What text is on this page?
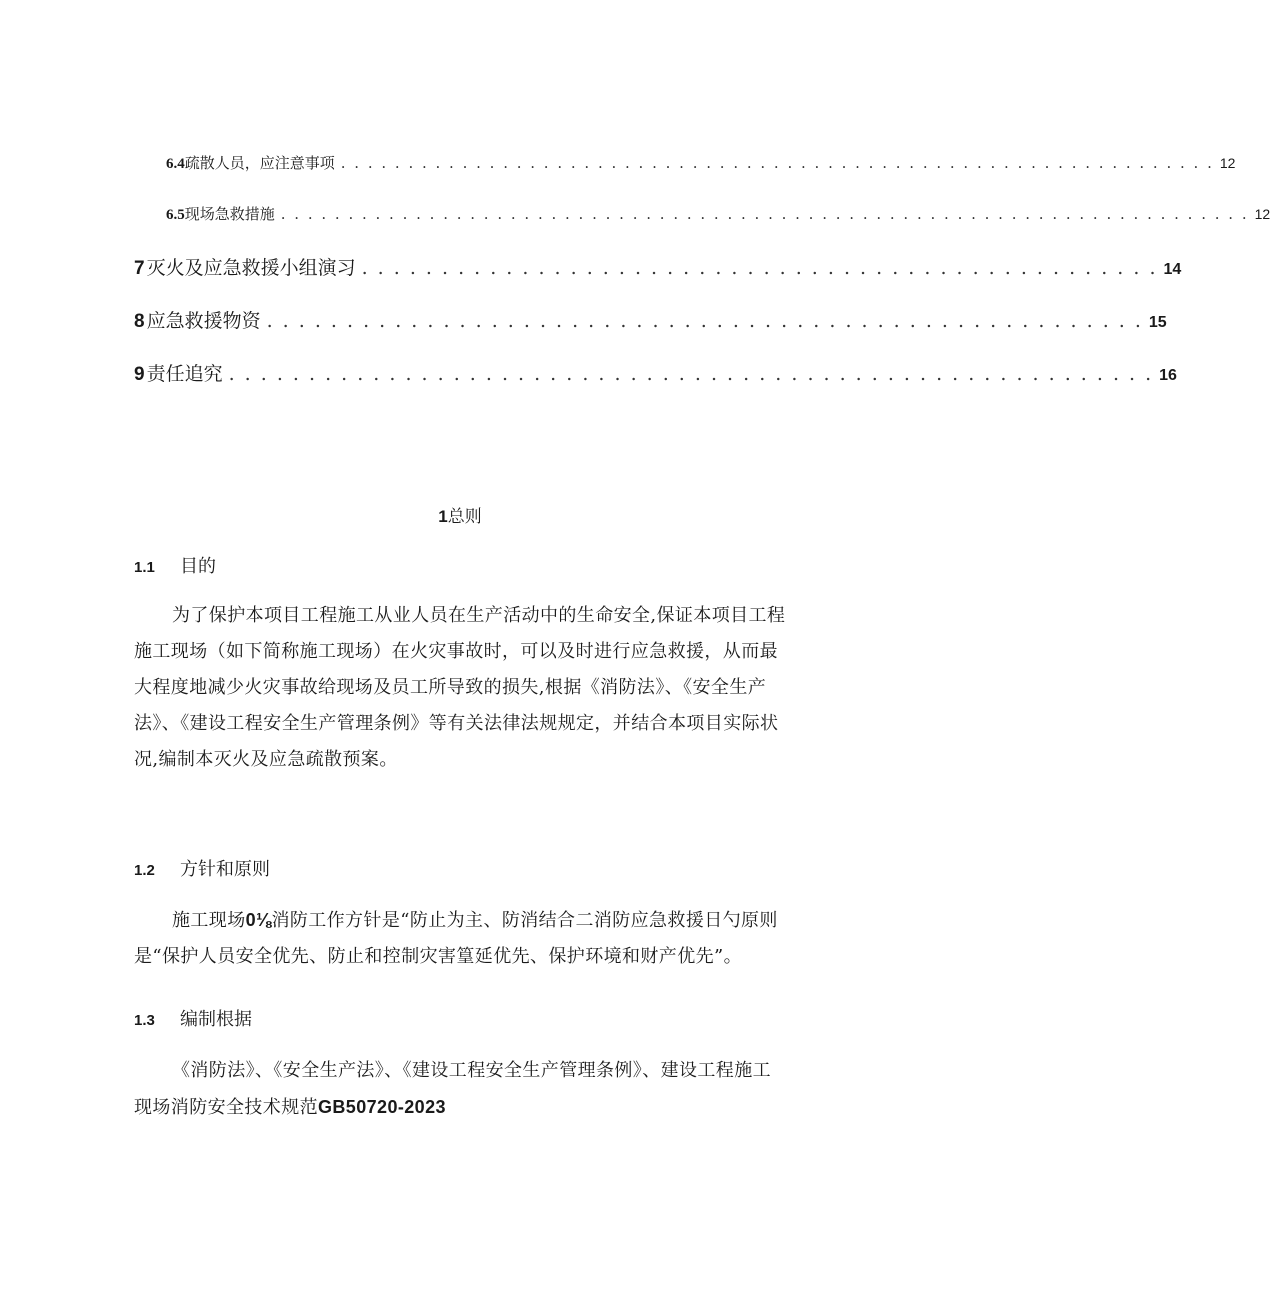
6.4 疏散人员，应注意事项 . . . . . . . . . . . . . . . . . . . . . . . . . . . . . . . . . . . . . . . . . . . . . . . . . . . . . . . . . . . . . . . . . 12
6.5 现场急救措施 . . . . . . . . . . . . . . . . . . . . . . . . . . . . . . . . . . . . . . . . . . . . . . . . . . . . . . . . . . . . . . . . . . . . . . . . 12
7 灭火及应急救援小组演习 . . . . . . . . . . . . . . . . . . . . . . . . . . . . . . . . . . . . . . . . . . . . . . . . . . 14
8 应急救援物资 . . . . . . . . . . . . . . . . . . . . . . . . . . . . . . . . . . . . . . . . . . . . . . . . . . . . . . . 15
9 责任追究 . . . . . . . . . . . . . . . . . . . . . . . . . . . . . . . . . . . . . . . . . . . . . . . . . . . . . . . . . . 16
1总则
1.1	目的

为了保护本项目工程施工从业人员在生产活动中的生命安全,保证本项目工程施工现场（如下简称施工现场）在火灾事故时，可以及时进行应急救援，从而最大程度地减少火灾事故给现场及员工所导致的损失,根据《消防法》、《安全生产法》、《建设工程安全生产管理条例》等有关法律法规规定，并结合本项目实际状况,编制本灭火及应急疏散预案。

1.2	方针和原则

施工现场0⅛消防工作方针是“防止为主、防消结合二消防应急救援日勺原则是“保护人员安全优先、防止和控制灾害篁延优先、保护环境和财产优先”。

1.3	编制根据

《消防法》、《安全生产法》、《建设工程安全生产管理条例》、建设工程施工现场消防安全技术规范GB50720-2023
